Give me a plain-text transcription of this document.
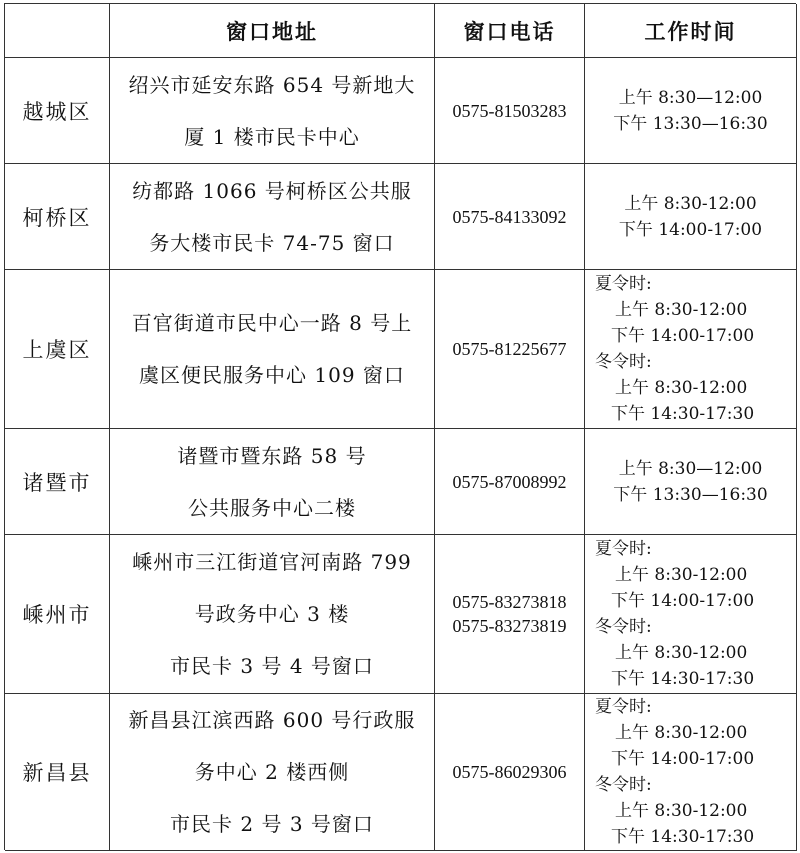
窗口地址	窗口电话	工作时间
越城区
绍兴市延安东路 654 号新地大
厦 1 楼市民卡中心
0575-81503283
上午 8:30—12:00
下午 13:30—16:30
柯桥区
纺都路 1066 号柯桥区公共服
务大楼市民卡 74-75 窗口
0575-84133092
上午 8:30-12:00
下午 14:00-17:00
上虞区
百官街道市民中心一路 8 号上
虞区便民服务中心 109 窗口
0575-81225677
夏令时:
上午 8:30-12:00
下午 14:00-17:00
冬令时:
上午 8:30-12:00
下午 14:30-17:30
诸暨市
诸暨市暨东路 58 号
公共服务中心二楼
0575-87008992
上午 8:30—12:00
下午 13:30—16:30
嵊州市
嵊州市三江街道官河南路 799
号政务中心 3 楼
市民卡 3 号 4 号窗口
0575-83273818
0575-83273819
夏令时:
上午 8:30-12:00
下午 14:00-17:00
冬令时:
上午 8:30-12:00
下午 14:30-17:30
新昌县
新昌县江滨西路 600 号行政服
务中心 2 楼西侧
市民卡 2 号 3 号窗口
0575-86029306
夏令时:
上午 8:30-12:00
下午 14:00-17:00
冬令时:
上午 8:30-12:00
下午 14:30-17:30
